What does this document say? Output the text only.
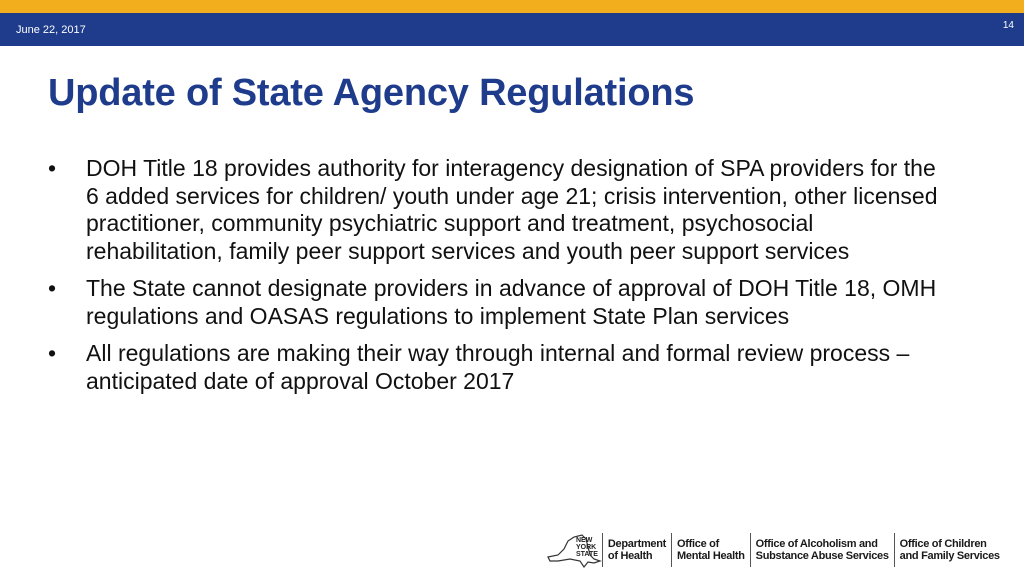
June 22, 2017	14
Update of State Agency Regulations
• DOH Title 18 provides authority for interagency designation of SPA providers for the 6 added services for children/ youth under age 21; crisis intervention, other licensed practitioner, community psychiatric support and treatment, psychosocial rehabilitation, family peer support services and youth peer support services
• The State cannot designate providers in advance of approval of DOH Title 18, OMH regulations and OASAS regulations to implement State Plan services
• All regulations are making their way through internal and formal review process – anticipated date of approval October 2017
NEW
YORK
STATE
Department
of Health
Office of
Mental Health
Office of Alcoholism and
Substance Abuse Services
Office of Children
and Family Services
